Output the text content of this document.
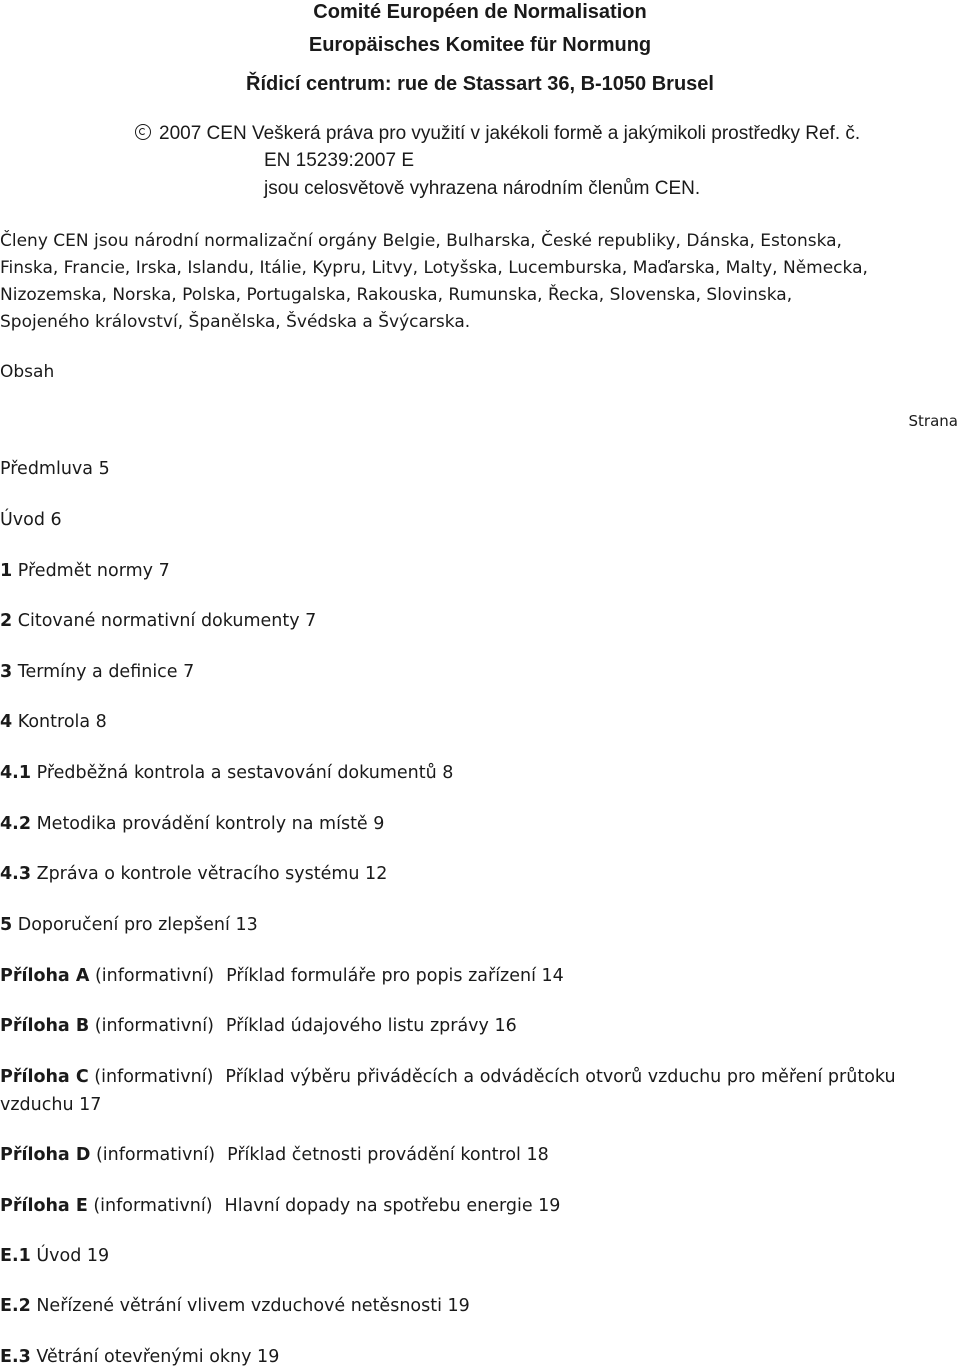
Comité Européen de Normalisation
Europäisches Komitee für Normung
Řídicí centrum: rue de Stassart 36, B-1050 Brusel
2007 CEN Veškerá práva pro využití v jakékoli formě a jakýmikoli prostředky Ref. č.
EN 15239:2007 E
jsou celosvětově vyhrazena národním členům CEN.
Členy CEN jsou národní normalizační orgány Belgie, Bulharska, České republiky, Dánska, Estonska,
Finska, Francie, Irska, Islandu, Itálie, Kypru, Litvy, Lotyšska, Lucemburska, Maďarska, Malty, Německa,
Nizozemska, Norska, Polska, Portugalska, Rakouska, Rumunska, Řecka, Slovenska, Slovinska,
Spojeného království, Španělska, Švédska a Švýcarska.
Obsah
Strana
Předmluva 5
Úvod 6
1 Předmět normy 7
2 Citované normativní dokumenty 7
3 Termíny a definice 7
4 Kontrola 8
4.1 Předběžná kontrola a sestavování dokumentů 8
4.2 Metodika provádění kontroly na místě 9
4.3 Zpráva o kontrole větracího systému 12
5 Doporučení pro zlepšení 13
Příloha A (informativní) Příklad formuláře pro popis zařízení 14
Příloha B (informativní) Příklad údajového listu zprávy 16
Příloha C (informativní) Příklad výběru přiváděcích a odváděcích otvorů vzduchu pro měření průtoku
vzduchu 17
Příloha D (informativní) Příklad četnosti provádění kontrol 18
Příloha E (informativní) Hlavní dopady na spotřebu energie 19
E.1 Úvod 19
E.2 Neřízené větrání vlivem vzduchové netěsnosti 19
E.3 Větrání otevřenými okny 19
